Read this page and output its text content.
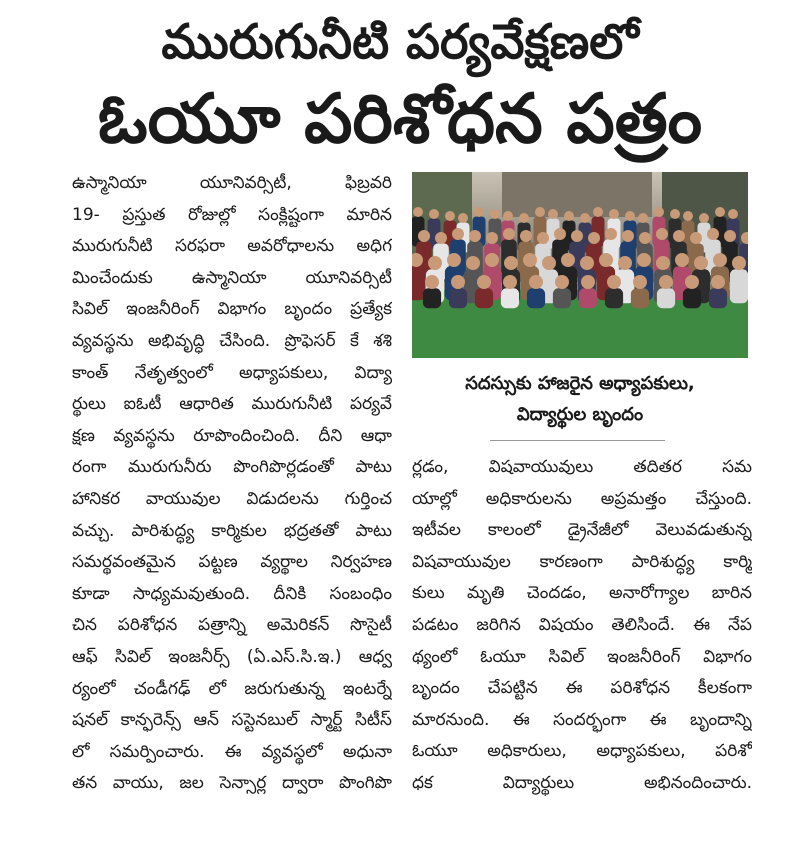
మురుగునీటి పర్యవేక్షణలో
ఓయూ పరిశోధన పత్రం
ఉస్మానియా యూనివర్సిటీ, ఫిబ్రవరి
19- ప్రస్తుత రోజుల్లో సంక్లిష్టంగా మారిన
మురుగునీటి సరఫరా అవరోధాలను అధిగ
మించేందుకు ఉస్మానియా యూనివర్సిటీ
సివిల్ ఇంజనీరింగ్ విభాగం బృందం ప్రత్యేక
వ్యవస్థను అభివృద్ధి చేసింది. ప్రొఫెసర్ కే శశి
కాంత్ నేతృత్వంలో అధ్యాపకులు, విద్యా
ర్థులు ఐఓటీ ఆధారిత మురుగునీటి పర్యవే
క్షణ వ్యవస్థను రూపొందించింది. దీని ఆధా
రంగా మురుగునీరు పొంగిపొర్లడంతో పాటు
హానికర వాయువుల విడుదలను గుర్తించ
వచ్చు. పారిశుద్ధ్య కార్మికుల భద్రతతో పాటు
సమర్థవంతమైన పట్టణ వ్యర్థాల నిర్వహణ
కూడా సాధ్యమవుతుంది. దీనికి సంబంధిం
చిన పరిశోధన పత్రాన్ని అమెరికన్ సొసైటీ
ఆఫ్ సివిల్ ఇంజనీర్స్ (ఏ.ఎస్.సి.ఇ.) ఆధ్వ
ర్యంలో చండీగఢ్ లో జరుగుతున్న ఇంటర్నే
షనల్ కాన్ఫరెన్స్ ఆన్ సస్టెనబుల్ స్మార్ట్ సిటీస్
లో సమర్పించారు. ఈ వ్యవస్థలో అధునా
తన వాయు, జల సెన్సార్ల ద్వారా పొంగిపొ
సదస్సుకు హాజరైన అధ్యాపకులు,
విద్యార్థుల బృందం
ర్లడం, విషవాయువులు తదితర సమ
యాల్లో అధికారులను అప్రమత్తం చేస్తుంది.
ఇటీవల కాలంలో డ్రైనేజీలో వెలువడుతున్న
విషవాయువుల కారణంగా పారిశుద్ధ్య కార్మి
కులు మృతి చెందడం, అనారోగ్యాల బారిన
పడటం జరిగిన విషయం తెలిసిందే. ఈ నేప
థ్యంలో ఓయూ సివిల్ ఇంజనీరింగ్ విభాగం
బృందం చేపట్టిన ఈ పరిశోధన కీలకంగా
మారనుంది. ఈ సందర్భంగా ఈ బృందాన్ని
ఓయూ అధికారులు, అధ్యాపకులు, పరిశో
ధక విద్యార్థులు అభినందించారు.
